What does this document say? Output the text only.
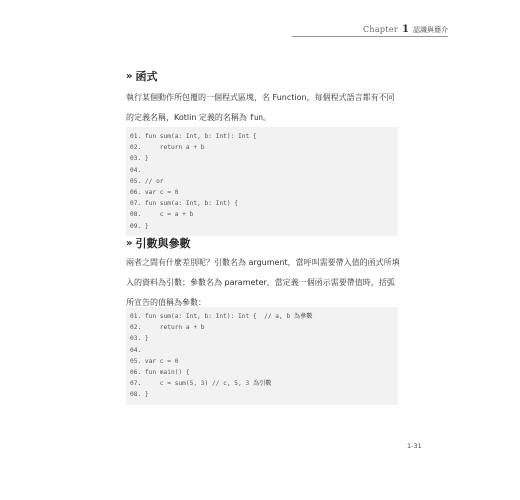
Chapter 1 認識與簡介
» 函式

執行某個動作所包覆的一個程式區塊，名 Function，每個程式語言都有不同的定義名稱，Kotlin 定義的名稱為 fun。

01. fun sum(a: Int, b: Int): Int {
02.     return a + b
03. }
04.
05. // or
06. var c = 0
07. fun sum(a: Int, b: Int) {
08.     c = a + b
09. }
» 引數與參數

兩者之間有什麼差別呢？引數名為 argument，當呼叫需要帶入值的函式所填入的資料為引數；參數名為 parameter，當定義一個函示需要帶值時，括弧所宣告的值稱為參數：

01. fun sum(a: Int, b: Int): Int {  // a, b 為參數
02.     return a + b
03. }
04.
05. var c = 0
06. fun main() {
07.     c = sum(5, 3) // c, 5, 3 為引數
08. }
1-31
